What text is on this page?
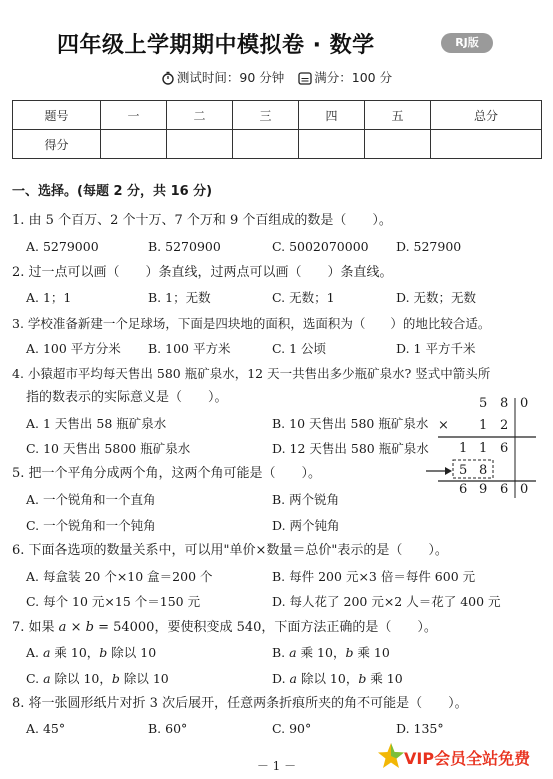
四年级上学期期中模拟卷 · 数学	RJ版
测试时间：90 分钟 满分：100 分
题号	一	二	三	四	五	总分
得分						
一、选择。(每题 2 分，共 16 分)
1. 由 5 个百万、2 个十万、7 个万和 9 个百组成的数是（　　）。
A. 5279000	B. 5270900	C. 5002070000 D. 527900
2. 过一点可以画（　　）条直线，过两点可以画（　　）条直线。
A. 1；1	B. 1；无数	C. 无数；1	D. 无数；无数
3. 学校准备新建一个足球场，下面是四块地的面积，选面积为（　　）的地比较合适。
A. 100 平方分米 B. 100 平方米	C. 1 公顷	D. 1 平方千米
4. 小猿超市平均每天售出 580 瓶矿泉水，12 天一共售出多少瓶矿泉水? 竖式中箭头所
指的数表示的实际意义是（　　）。
A. 1 天售出 58 瓶矿泉水	B. 10 天售出 580 瓶矿泉水
C. 10 天售出 5800 瓶矿泉水	D. 12 天售出 580 瓶矿泉水
5 8 0
× 1 2
1 1 6
5 8
6 9 6 0
5. 把一个平角分成两个角，这两个角可能是（　　）。
A. 一个锐角和一个直角	B. 两个锐角
C. 一个锐角和一个钝角	D. 两个钝角
6. 下面各选项的数量关系中，可以用"单价×数量＝总价"表示的是（　　）。
A. 每盒装 20 个×10 盒＝200 个	B. 每件 200 元×3 倍＝每件 600 元
C. 每个 10 元×15 个＝150 元	D. 每人花了 200 元×2 人＝花了 400 元
7. 如果 a × b = 54000，要使积变成 540，下面方法正确的是（　　）。
A. a 乘 10，b 除以 10	B. a 乘 10，b 乘 10
C. a 除以 10，b 除以 10	D. a 除以 10，b 乘 10
8. 将一张圆形纸片对折 3 次后展开，任意两条折痕所夹的角不可能是（　　）。
A. 45°	B. 60°	C. 90°	D. 135°
－ 1 －	VIP会员全站免费
